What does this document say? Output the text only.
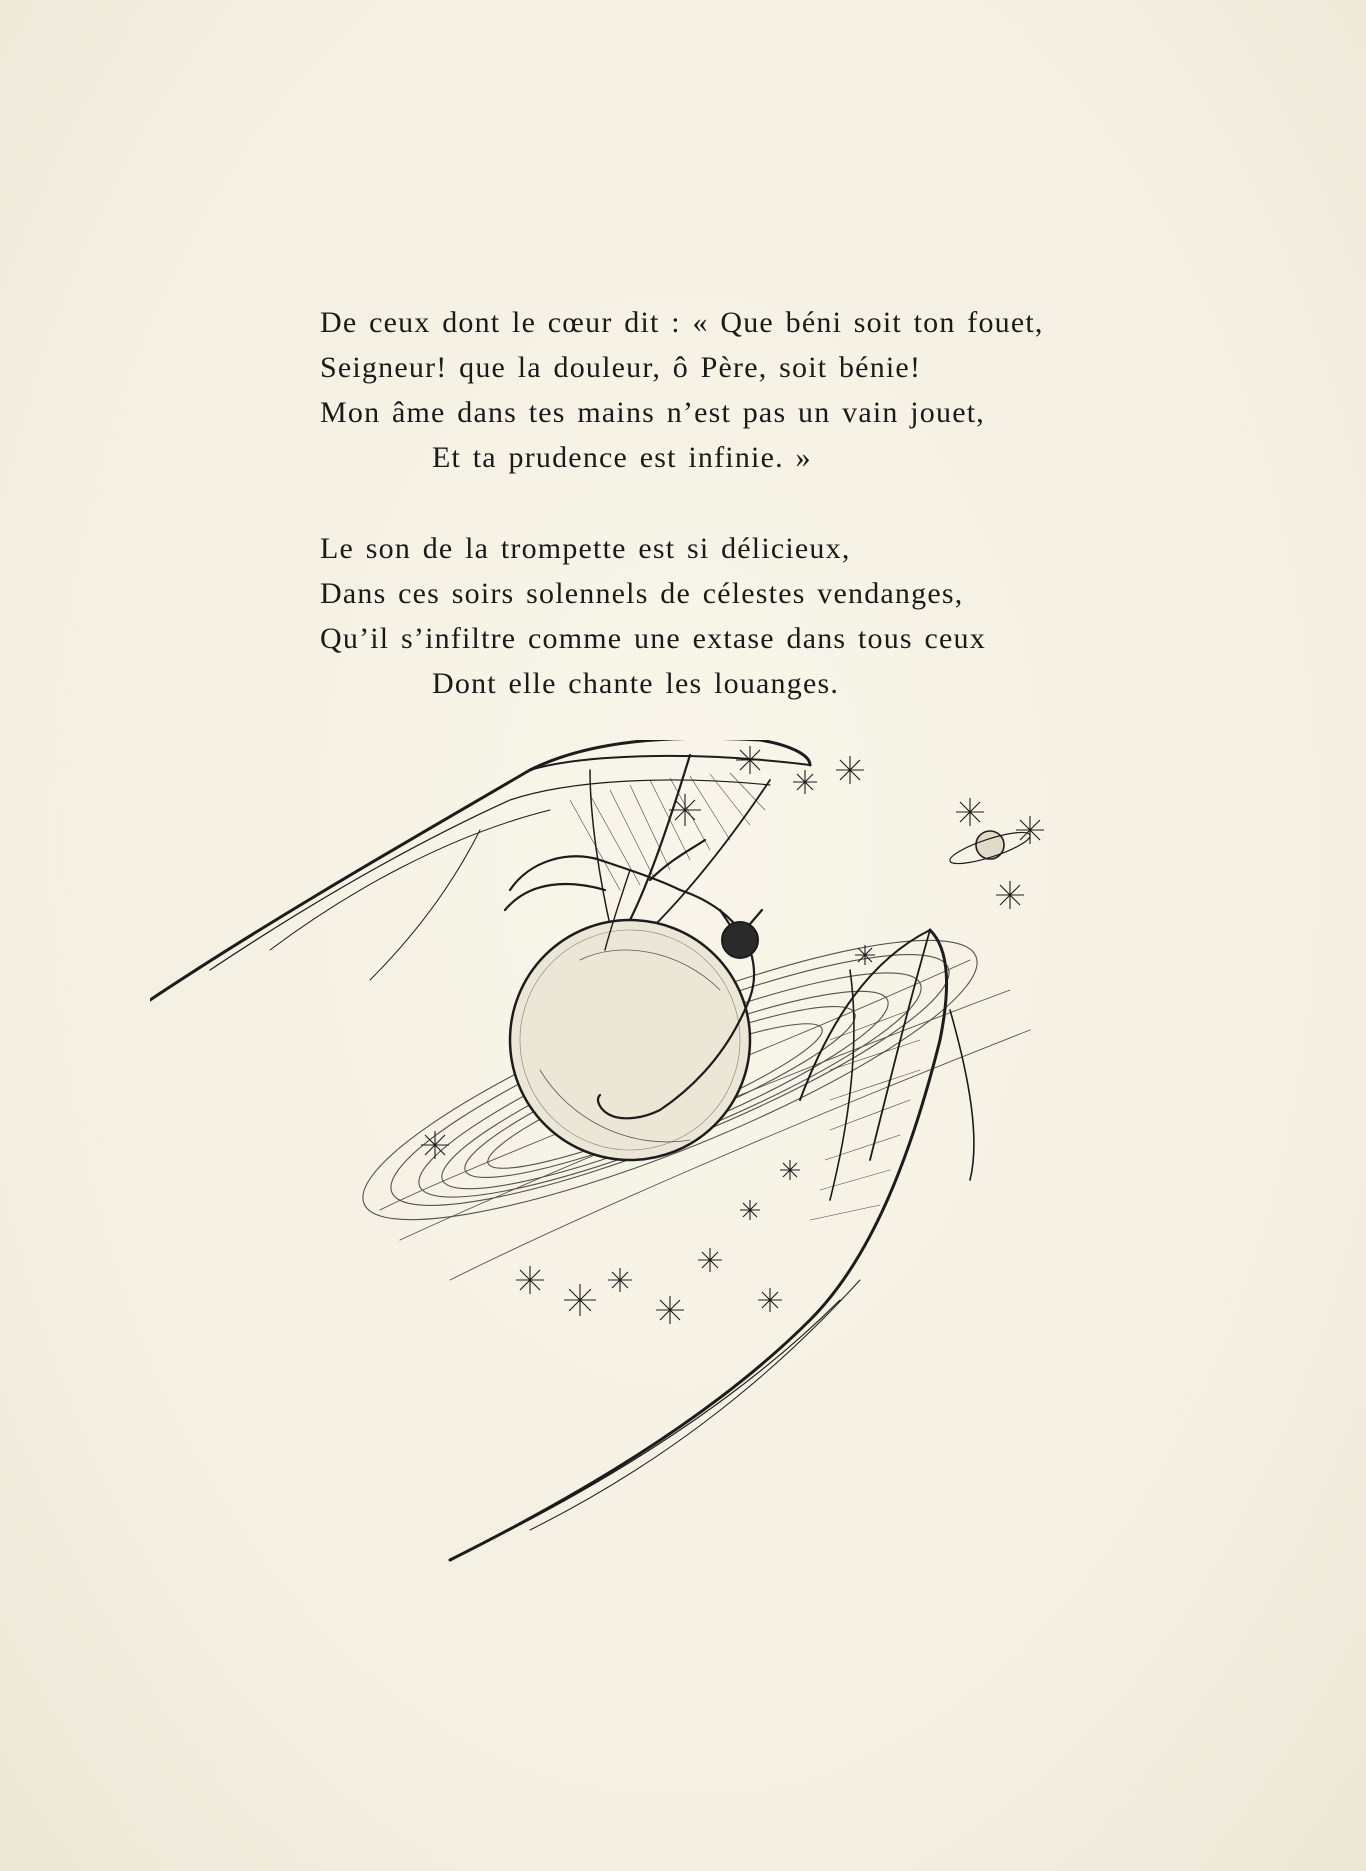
De ceux dont le cœur dit : « Que béni soit ton fouet,
Seigneur! que la douleur, ô Père, soit bénie!
Mon âme dans tes mains n’est pas un vain jouet,
Et ta prudence est infinie. »
Le son de la trompette est si délicieux,
Dans ces soirs solennels de célestes vendanges,
Qu’il s’infiltre comme une extase dans tous ceux
Dont elle chante les louanges.
